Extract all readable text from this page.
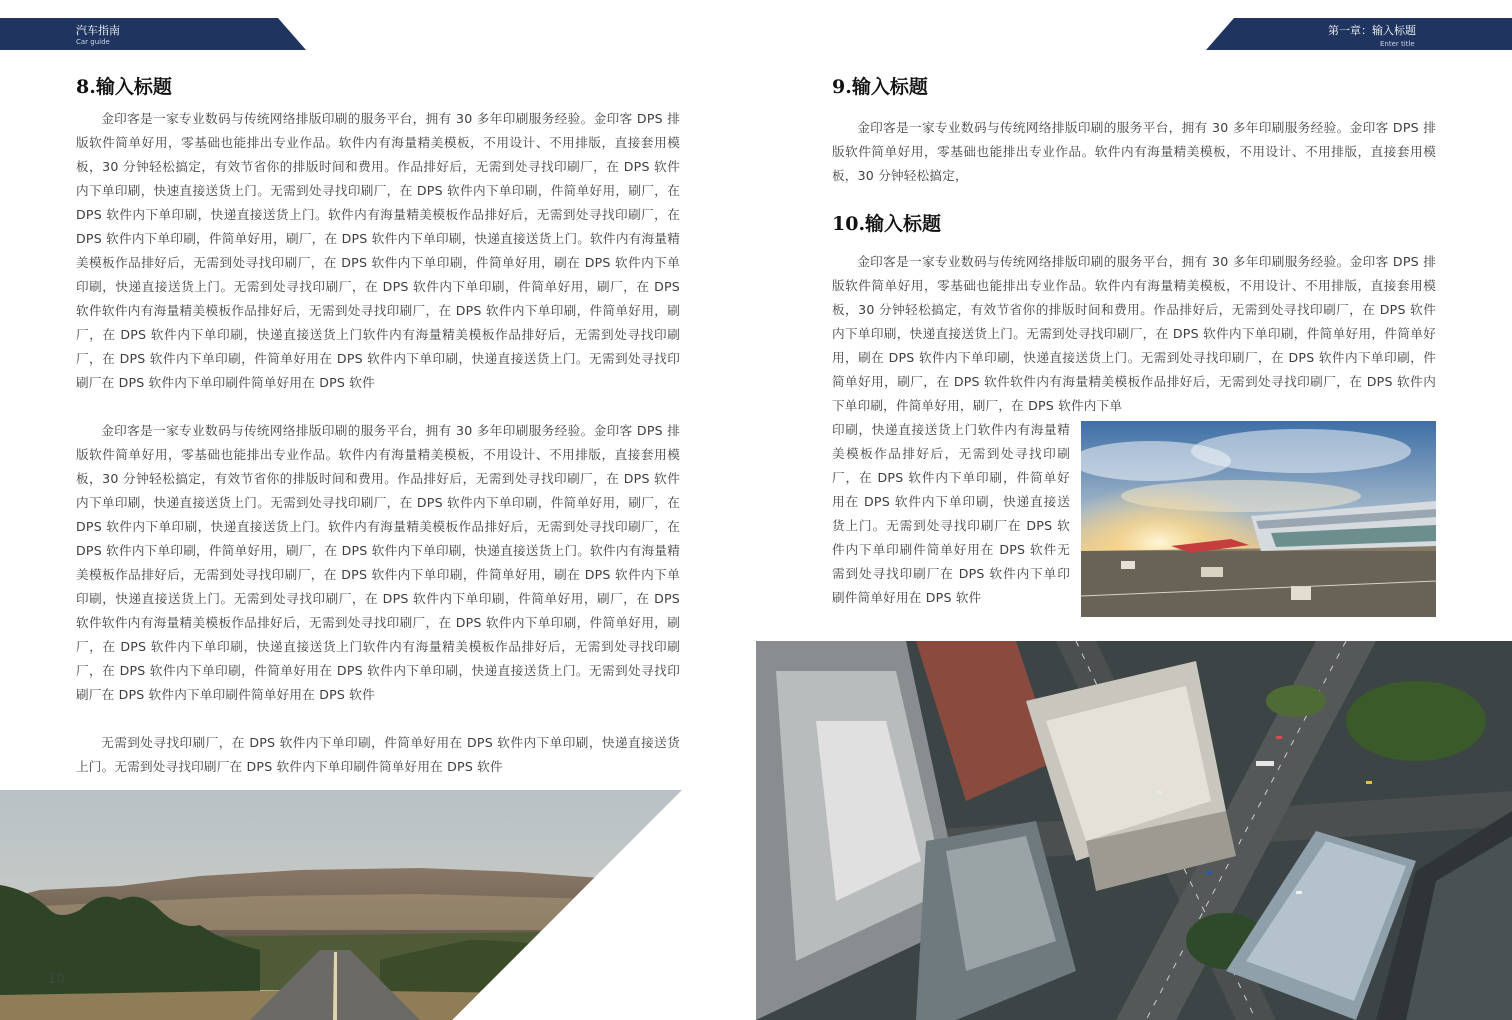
汽车指南
Car guide
8.输入标题

金印客是一家专业数码与传统网络排版印刷的服务平台，拥有 30 多年印刷服务经验。金印客 DPS 排版软件简单好用，零基础也能排出专业作品。软件内有海量精美模板，不用设计、不用排版，直接套用模板，30 分钟轻松搞定，有效节省你的排版时间和费用。作品排好后，无需到处寻找印刷厂，在 DPS 软件内下单印刷，快速直接送货上门。无需到处寻找印刷厂，在 DPS 软件内下单印刷，件简单好用，刷厂，在 DPS 软件内下单印刷，快递直接送货上门。软件内有海量精美模板作品排好后，无需到处寻找印刷厂，在 DPS 软件内下单印刷，件简单好用，刷厂，在 DPS 软件内下单印刷，快递直接送货上门。软件内有海量精美模板作品排好后，无需到处寻找印刷厂，在 DPS 软件内下单印刷，件简单好用，刷在 DPS 软件内下单印刷，快递直接送货上门。无需到处寻找印刷厂，在 DPS 软件内下单印刷，件简单好用，刷厂，在 DPS 软件软件内有海量精美模板作品排好后，无需到处寻找印刷厂，在 DPS 软件内下单印刷，件简单好用，刷厂，在 DPS 软件内下单印刷，快递直接送货上门软件内有海量精美模板作品排好后，无需到处寻找印刷厂，在 DPS 软件内下单印刷，件简单好用在 DPS 软件内下单印刷，快递直接送货上门。无需到处寻找印刷厂在 DPS 软件内下单印刷件简单好用在 DPS 软件

金印客是一家专业数码与传统网络排版印刷的服务平台，拥有 30 多年印刷服务经验。金印客 DPS 排版软件简单好用，零基础也能排出专业作品。软件内有海量精美模板，不用设计、不用排版，直接套用模板，30 分钟轻松搞定，有效节省你的排版时间和费用。作品排好后，无需到处寻找印刷厂，在 DPS 软件内下单印刷，快递直接送货上门。无需到处寻找印刷厂，在 DPS 软件内下单印刷，件简单好用，刷厂，在 DPS 软件内下单印刷，快递直接送货上门。软件内有海量精美模板作品排好后，无需到处寻找印刷厂，在 DPS 软件内下单印刷，件简单好用，刷厂，在 DPS 软件内下单印刷，快递直接送货上门。软件内有海量精美模板作品排好后，无需到处寻找印刷厂，在 DPS 软件内下单印刷，件简单好用，刷在 DPS 软件内下单印刷，快递直接送货上门。无需到处寻找印刷厂，在 DPS 软件内下单印刷，件简单好用，刷厂，在 DPS 软件软件内有海量精美模板作品排好后，无需到处寻找印刷厂，在 DPS 软件内下单印刷，件简单好用，刷厂，在 DPS 软件内下单印刷，快递直接送货上门软件内有海量精美模板作品排好后，无需到处寻找印刷厂，在 DPS 软件内下单印刷，件简单好用在 DPS 软件内下单印刷，快递直接送货上门。无需到处寻找印刷厂在 DPS 软件内下单印刷件简单好用在 DPS 软件

无需到处寻找印刷厂，在 DPS 软件内下单印刷，件简单好用在 DPS 软件内下单印刷，快递直接送货上门。无需到处寻找印刷厂在 DPS 软件内下单印刷件简单好用在 DPS 软件

10
第一章：输入标题
Enter title
9.输入标题

金印客是一家专业数码与传统网络排版印刷的服务平台，拥有 30 多年印刷服务经验。金印客 DPS 排版软件简单好用，零基础也能排出专业作品。软件内有海量精美模板，不用设计、不用排版，直接套用模板，30 分钟轻松搞定，

10.输入标题

金印客是一家专业数码与传统网络排版印刷的服务平台，拥有 30 多年印刷服务经验。金印客 DPS 排版软件简单好用，零基础也能排出专业作品。软件内有海量精美模板，不用设计、不用排版，直接套用模板，30 分钟轻松搞定，有效节省你的排版时间和费用。作品排好后，无需到处寻找印刷厂，在 DPS 软件内下单印刷，快递直接送货上门。无需到处寻找印刷厂，在 DPS 软件内下单印刷，件简单好用，件简单好用，刷在 DPS 软件内下单印刷，快递直接送货上门。无需到处寻找印刷厂，在 DPS 软件内下单印刷，件简单好用，刷厂，在 DPS 软件软件内有海量精美模板作品排好后，无需到处寻找印刷厂，在 DPS 软件内下单印刷，件简单好用，刷厂，在 DPS 软件内下单

印刷，快递直接送货上门软件内有海量精美模板作品排好后，无需到处寻找印刷厂，在 DPS 软件内下单印刷，件简单好用在 DPS 软件内下单印刷，快递直接送货上门。无需到处寻找印刷厂在 DPS 软件内下单印刷件简单好用在 DPS 软件无需到处寻找印刷厂在 DPS 软件内下单印刷件简单好用在 DPS 软件
